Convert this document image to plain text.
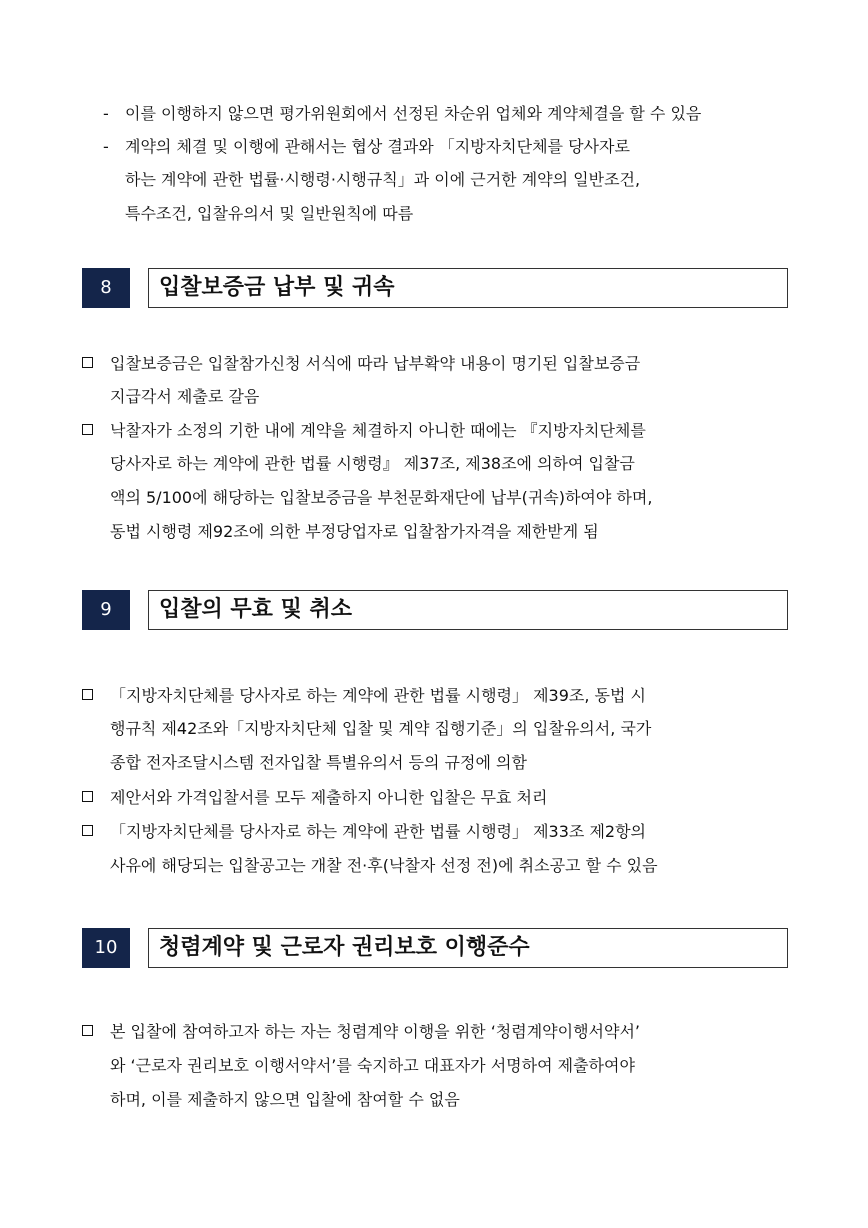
- 이를 이행하지 않으면 평가위원회에서 선정된 차순위 업체와 계약체결을 할 수 있음
- 계약의 체결 및 이행에 관해서는 협상 결과와 「지방자치단체를 당사자로
하는 계약에 관한 법률·시행령·시행규칙」과 이에 근거한 계약의 일반조건,
특수조건, 입찰유의서 및 일반원칙에 따름
8	입찰보증금 납부 및 귀속
입찰보증금은 입찰참가신청 서식에 따라 납부확약 내용이 명기된 입찰보증금
지급각서 제출로 갈음
낙찰자가 소정의 기한 내에 계약을 체결하지 아니한 때에는 『지방자치단체를
당사자로 하는 계약에 관한 법률 시행령』 제37조, 제38조에 의하여 입찰금
액의 5/100에 해당하는 입찰보증금을 부천문화재단에 납부(귀속)하여야 하며,
동법 시행령 제92조에 의한 부정당업자로 입찰참가자격을 제한받게 됨
9	입찰의 무효 및 취소
「지방자치단체를 당사자로 하는 계약에 관한 법률 시행령」 제39조, 동법 시
행규칙 제42조와「지방자치단체 입찰 및 계약 집행기준」의 입찰유의서, 국가
종합 전자조달시스템 전자입찰 특별유의서 등의 규정에 의함
제안서와 가격입찰서를 모두 제출하지 아니한 입찰은 무효 처리
「지방자치단체를 당사자로 하는 계약에 관한 법률 시행령」 제33조 제2항의
사유에 해당되는 입찰공고는 개찰 전·후(낙찰자 선정 전)에 취소공고 할 수 있음
10	청렴계약 및 근로자 권리보호 이행준수
본 입찰에 참여하고자 하는 자는 청렴계약 이행을 위한 ‘청렴계약이행서약서’
와 ‘근로자 권리보호 이행서약서’를 숙지하고 대표자가 서명하여 제출하여야
하며, 이를 제출하지 않으면 입찰에 참여할 수 없음
